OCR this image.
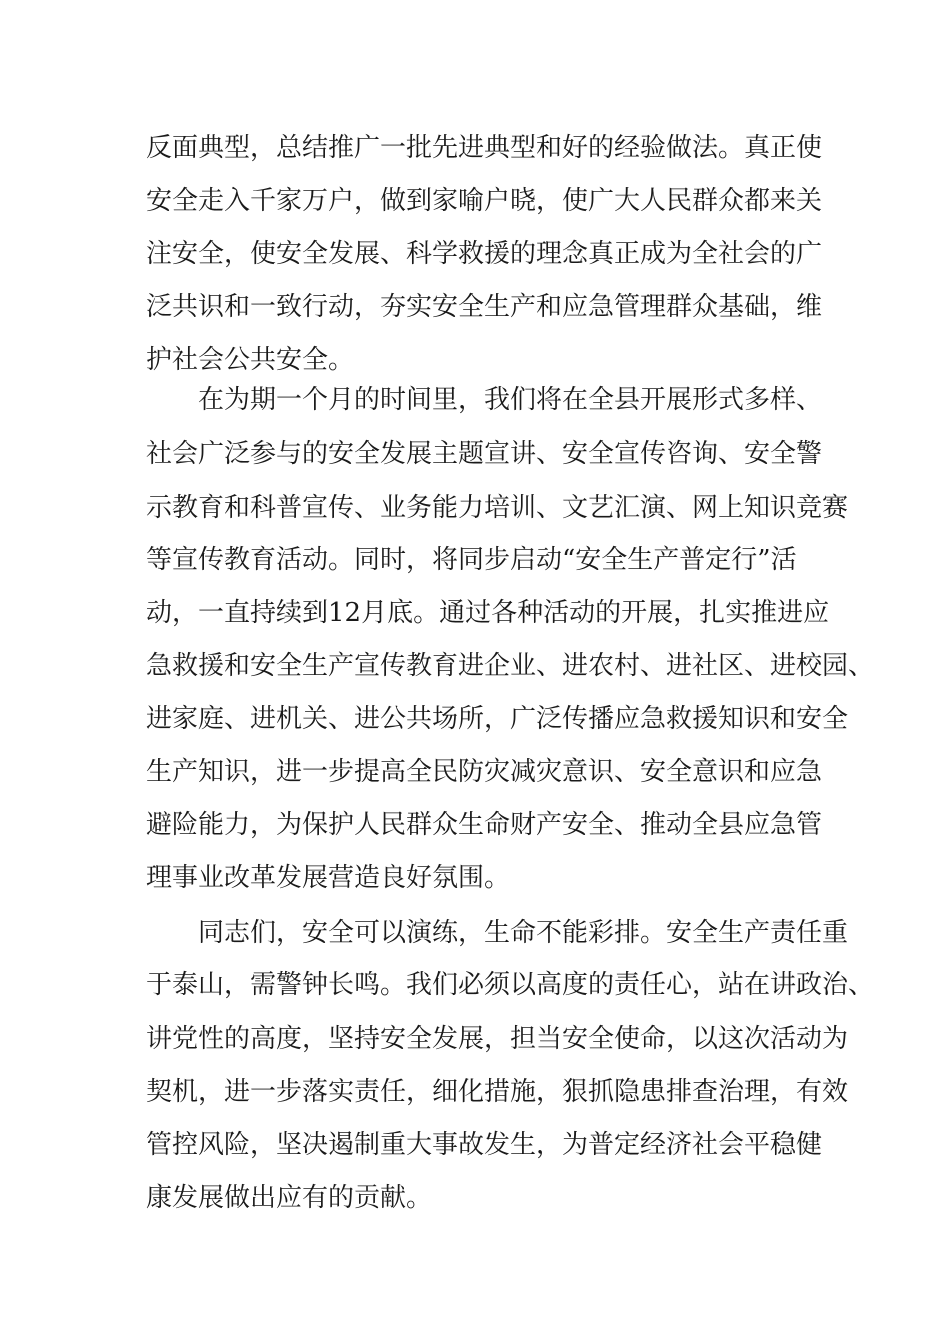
反面典型，总结推广一批先进典型和好的经验做法。真正使
安全走入千家万户，做到家喻户晓，使广大人民群众都来关
注安全，使安全发展、科学救援的理念真正成为全社会的广
泛共识和一致行动，夯实安全生产和应急管理群众基础，维
护社会公共安全。
在为期一个月的时间里，我们将在全县开展形式多样、
社会广泛参与的安全发展主题宣讲、安全宣传咨询、安全警
示教育和科普宣传、业务能力培训、文艺汇演、网上知识竞赛
等宣传教育活动。同时，将同步启动“安全生产普定行”活
动，一直持续到12月底。通过各种活动的开展，扎实推进应
急救援和安全生产宣传教育进企业、进农村、进社区、进校园、
进家庭、进机关、进公共场所，广泛传播应急救援知识和安全
生产知识，进一步提高全民防灾减灾意识、安全意识和应急
避险能力，为保护人民群众生命财产安全、推动全县应急管
理事业改革发展营造良好氛围。
同志们，安全可以演练，生命不能彩排。安全生产责任重
于泰山，需警钟长鸣。我们必须以高度的责任心，站在讲政治、
讲党性的高度，坚持安全发展，担当安全使命，以这次活动为
契机，进一步落实责任，细化措施，狠抓隐患排查治理，有效
管控风险，坚决遏制重大事故发生，为普定经济社会平稳健
康发展做出应有的贡献。
